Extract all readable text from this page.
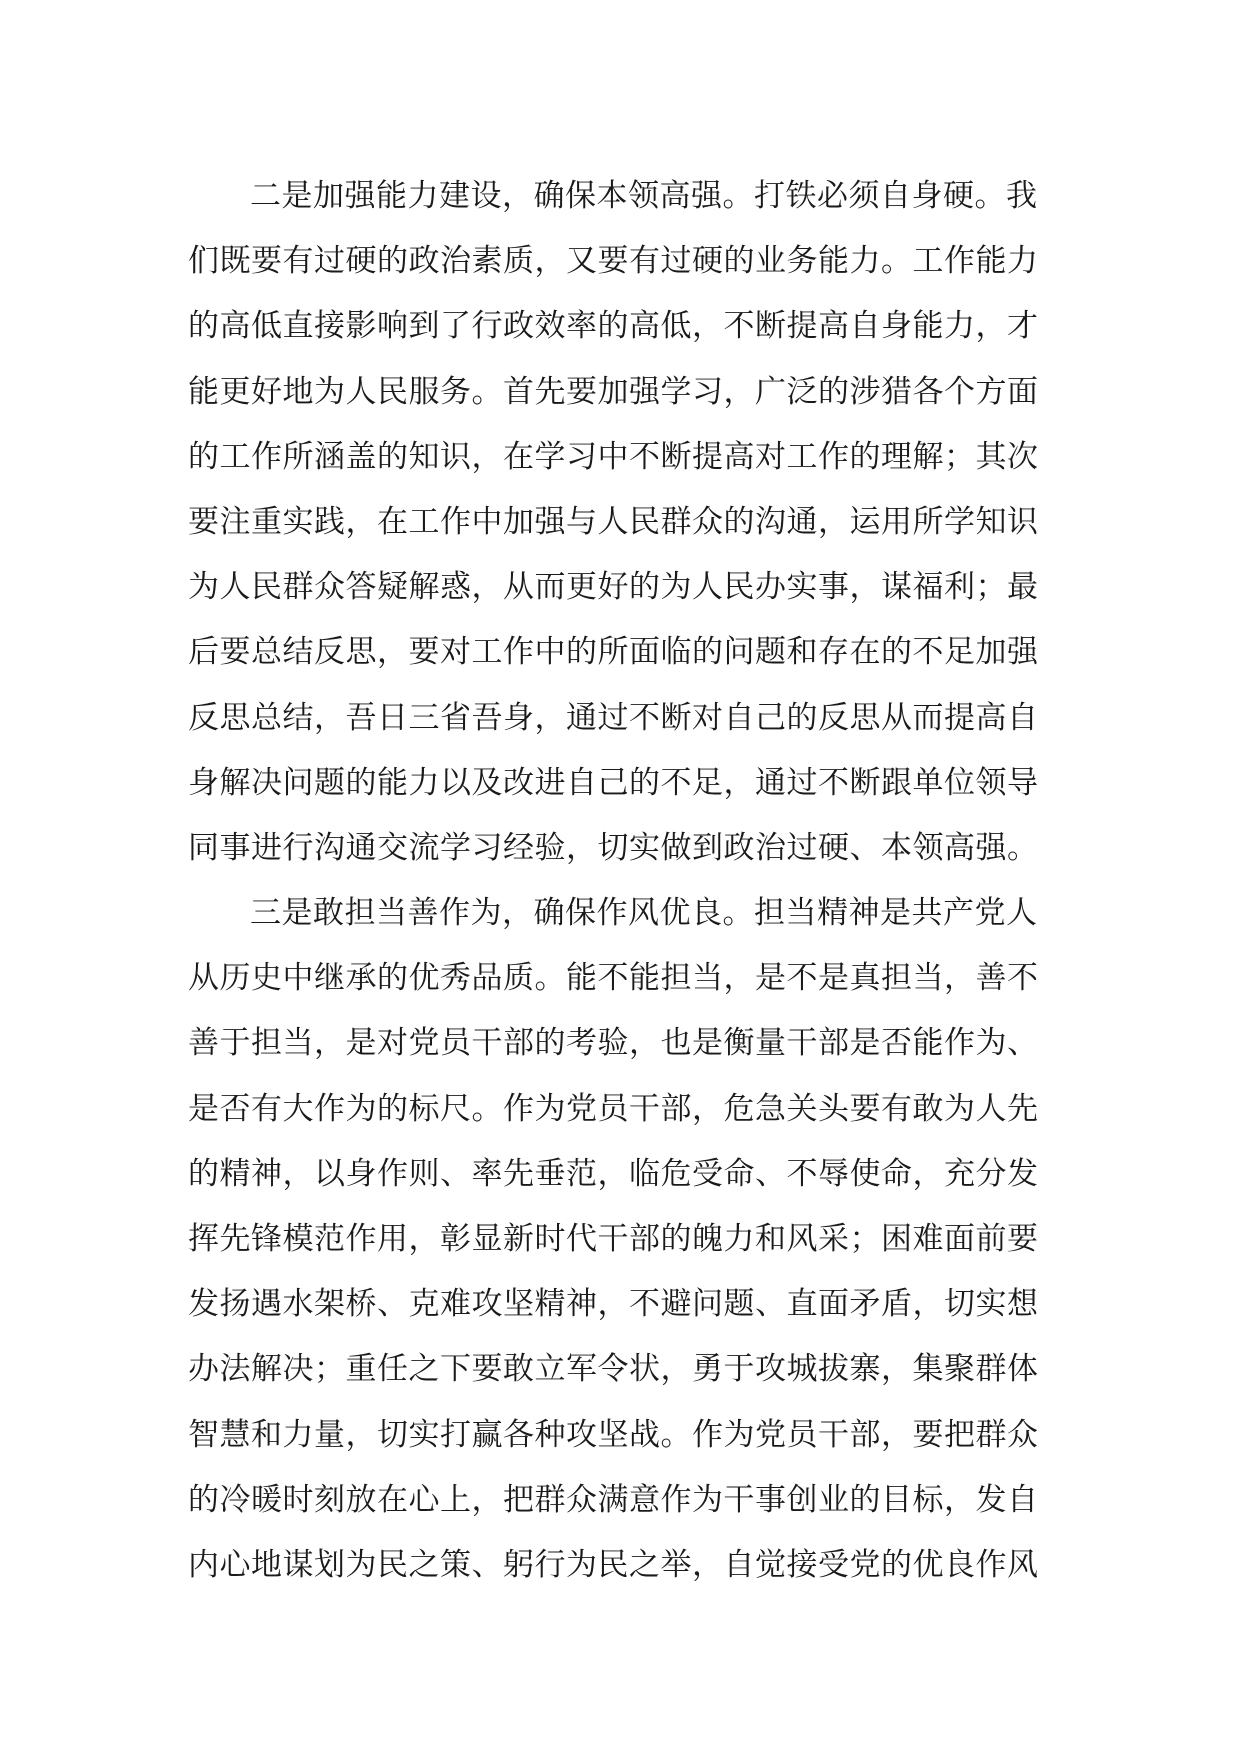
二是加强能力建设，确保本领高强。打铁必须自身硬。我
们既要有过硬的政治素质，又要有过硬的业务能力。工作能力
的高低直接影响到了行政效率的高低，不断提高自身能力，才
能更好地为人民服务。首先要加强学习，广泛的涉猎各个方面
的工作所涵盖的知识，在学习中不断提高对工作的理解；其次
要注重实践，在工作中加强与人民群众的沟通，运用所学知识
为人民群众答疑解惑，从而更好的为人民办实事，谋福利；最
后要总结反思，要对工作中的所面临的问题和存在的不足加强
反思总结，吾日三省吾身，通过不断对自己的反思从而提高自
身解决问题的能力以及改进自己的不足，通过不断跟单位领导
同事进行沟通交流学习经验，切实做到政治过硬、本领高强。
三是敢担当善作为，确保作风优良。担当精神是共产党人
从历史中继承的优秀品质。能不能担当，是不是真担当，善不
善于担当，是对党员干部的考验，也是衡量干部是否能作为、
是否有大作为的标尺。作为党员干部，危急关头要有敢为人先
的精神，以身作则、率先垂范，临危受命、不辱使命，充分发
挥先锋模范作用，彰显新时代干部的魄力和风采；困难面前要
发扬遇水架桥、克难攻坚精神，不避问题、直面矛盾，切实想
办法解决；重任之下要敢立军令状，勇于攻城拔寨，集聚群体
智慧和力量，切实打赢各种攻坚战。作为党员干部，要把群众
的冷暖时刻放在心上，把群众满意作为干事创业的目标，发自
内心地谋划为民之策、躬行为民之举，自觉接受党的优良作风
